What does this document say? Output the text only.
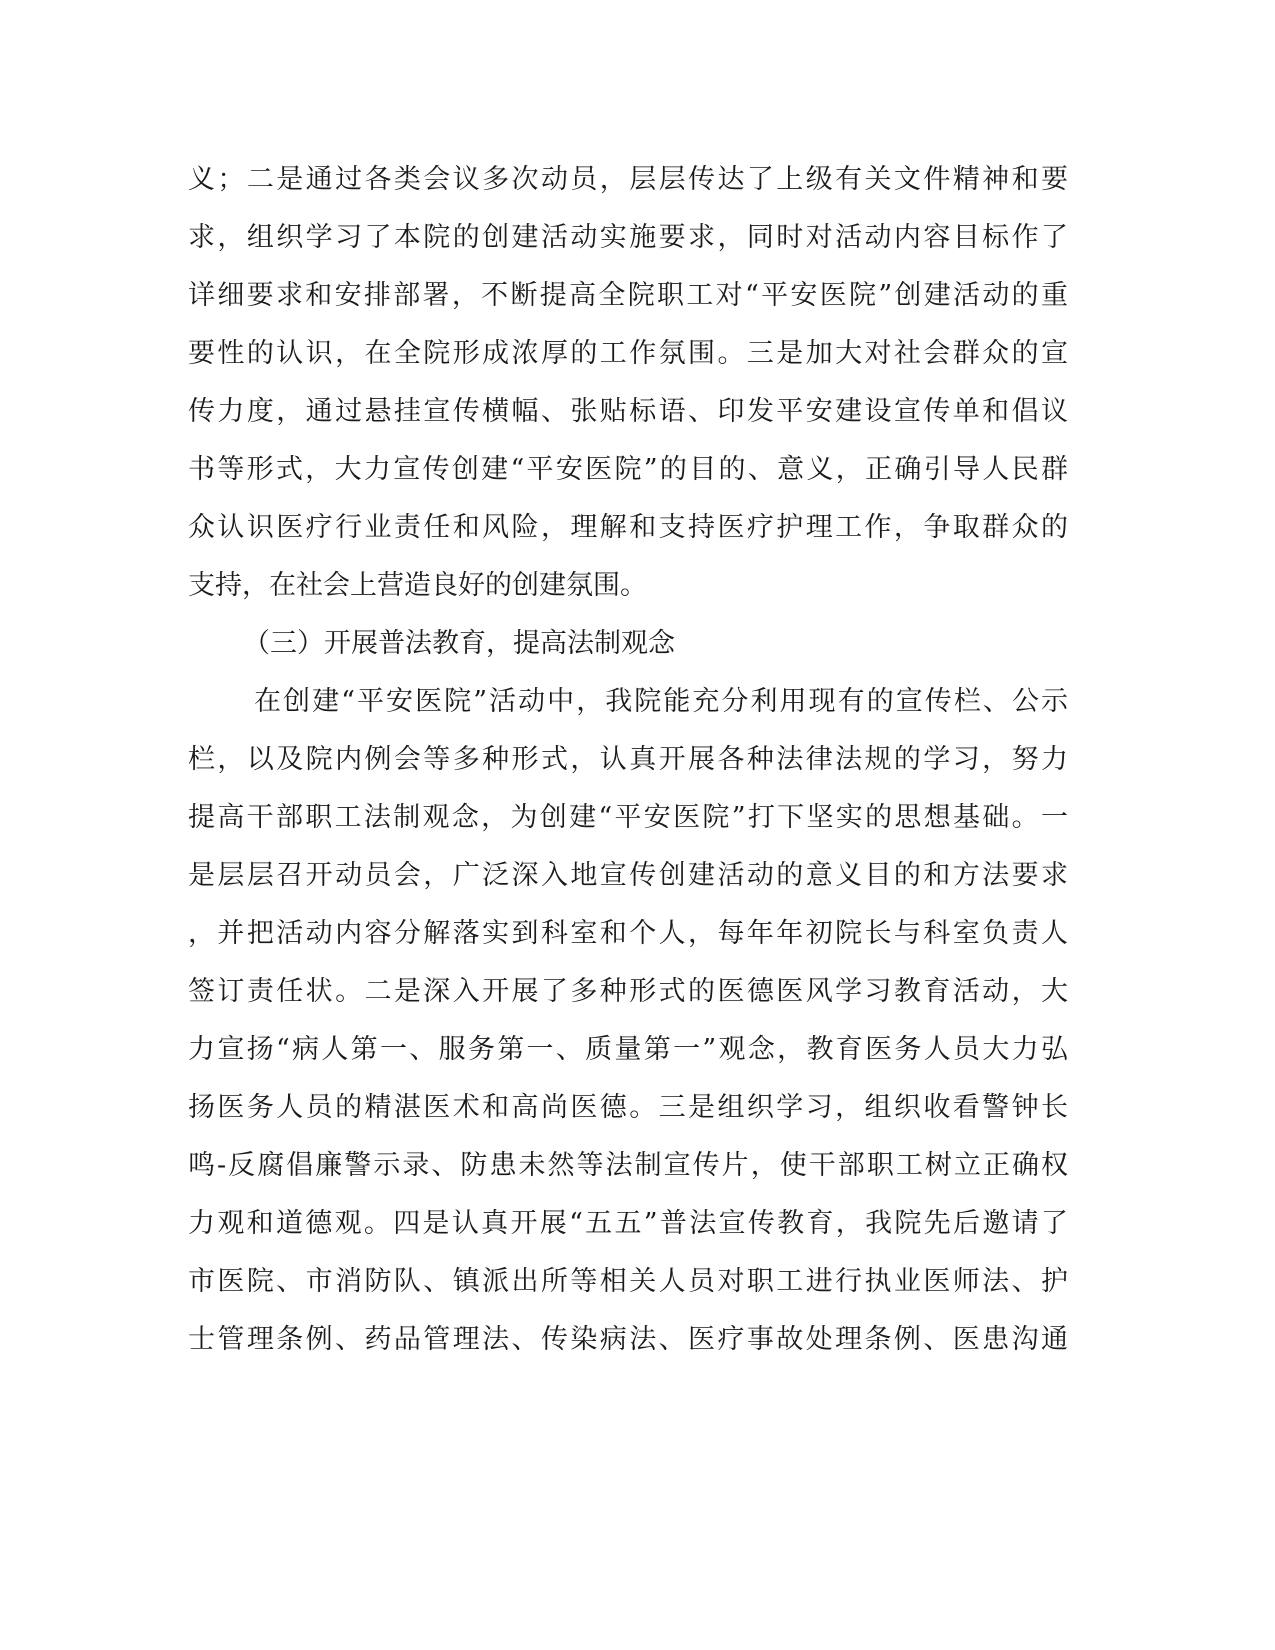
义；二是通过各类会议多次动员，层层传达了上级有关文件精神和要
求，组织学习了本院的创建活动实施要求，同时对活动内容目标作了
详细要求和安排部署，不断提高全院职工对“平安医院”创建活动的重
要性的认识，在全院形成浓厚的工作氛围。三是加大对社会群众的宣
传力度，通过悬挂宣传横幅、张贴标语、印发平安建设宣传单和倡议
书等形式，大力宣传创建“平安医院”的目的、意义，正确引导人民群
众认识医疗行业责任和风险，理解和支持医疗护理工作，争取群众的
支持，在社会上营造良好的创建氛围。
（三）开展普法教育，提高法制观念
在创建“平安医院”活动中，我院能充分利用现有的宣传栏、公示
栏，以及院内例会等多种形式，认真开展各种法律法规的学习，努力
提高干部职工法制观念，为创建“平安医院”打下坚实的思想基础。一
是层层召开动员会，广泛深入地宣传创建活动的意义目的和方法要求
，并把活动内容分解落实到科室和个人，每年年初院长与科室负责人
签订责任状。二是深入开展了多种形式的医德医风学习教育活动，大
力宣扬“病人第一、服务第一、质量第一”观念，教育医务人员大力弘
扬医务人员的精湛医术和高尚医德。三是组织学习，组织收看警钟长
鸣-反腐倡廉警示录、防患未然等法制宣传片，使干部职工树立正确权
力观和道德观。四是认真开展“五五”普法宣传教育，我院先后邀请了
市医院、市消防队、镇派出所等相关人员对职工进行执业医师法、护
士管理条例、药品管理法、传染病法、医疗事故处理条例、医患沟通
